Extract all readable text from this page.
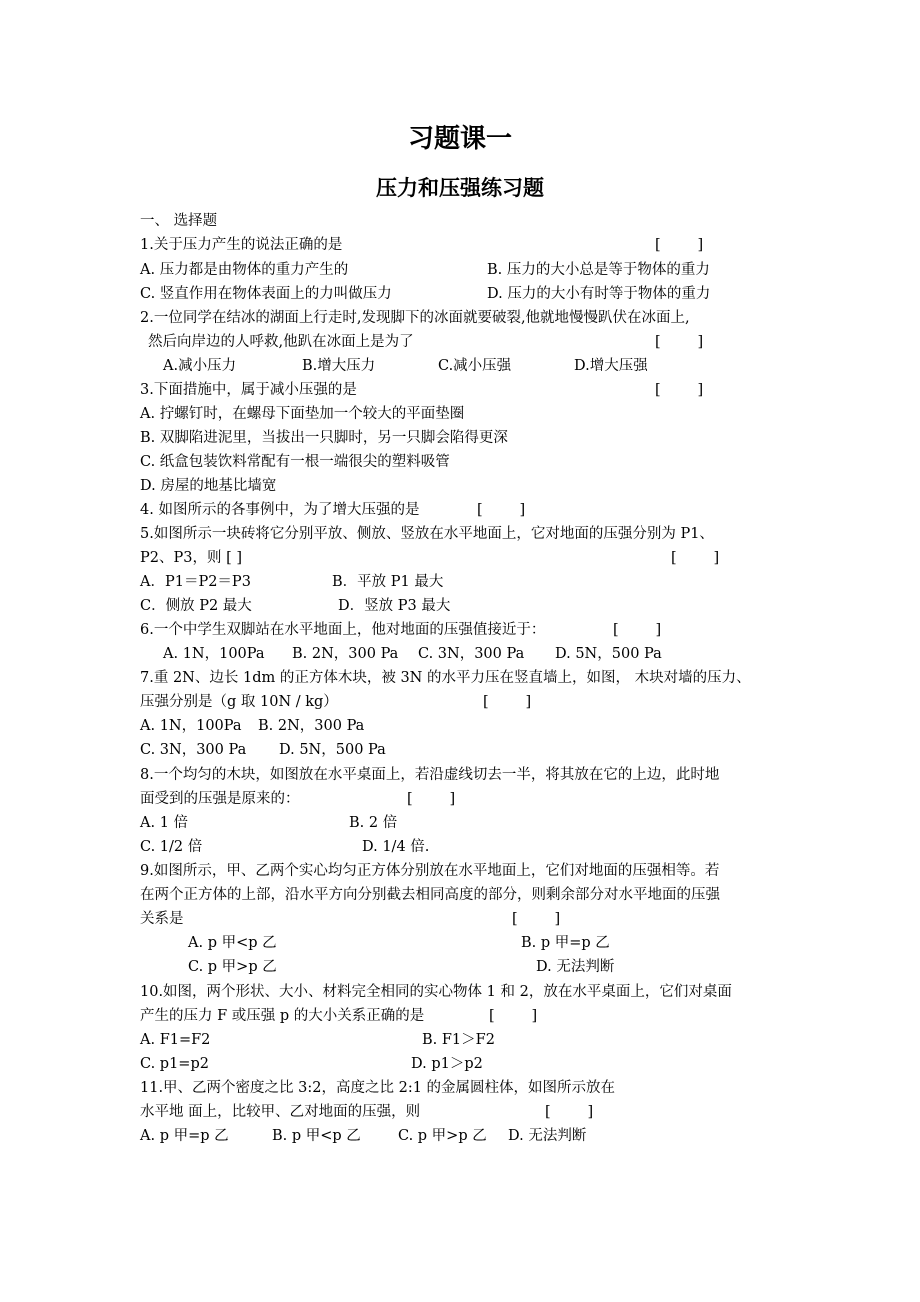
习题课一
压力和压强练习题
一、 选择题
1.关于压力产生的说法正确的是	[        ]
A. 压力都是由物体的重力产生的	B. 压力的大小总是等于物体的重力
C. 竖直作用在物体表面上的力叫做压力	D. 压力的大小有时等于物体的重力
2.一位同学在结冰的湖面上行走时,发现脚下的冰面就要破裂,他就地慢慢趴伏在冰面上,
然后向岸边的人呼救,他趴在冰面上是为了	[        ]
A.减小压力	B.增大压力	C.减小压强	D.增大压强
3.下面措施中，属于减小压强的是	[        ]
A. 拧螺钉时，在螺母下面垫加一个较大的平面垫圈
B. 双脚陷进泥里，当拔出一只脚时，另一只脚会陷得更深
C. 纸盒包装饮料常配有一根一端很尖的塑料吸管
D. 房屋的地基比墙宽
4. 如图所示的各事例中，为了增大压强的是	[        ]
5.如图所示一块砖将它分别平放、侧放、竖放在水平地面上，它对地面的压强分别为 P1、
P2、P3，则 [ ]	[        ]
A．P1＝P2＝P3	B．平放 P1 最大
C．侧放 P2 最大	D．竖放 P3 最大
6.一个中学生双脚站在水平地面上，他对地面的压强值接近于：	[        ]
A. 1N，100Pa B. 2N，300 Pa C. 3N，300 Pa D. 5N，500 Pa
7.重 2N、边长 1dm 的正方体木块，被 3N 的水平力压在竖直墙上，如图， 木块对墙的压力、
压强分别是（g 取 10N / kg）	[        ]
A. 1N，100Pa B. 2N，300 Pa
C. 3N，300 Pa D. 5N，500 Pa
8.一个均匀的木块，如图放在水平桌面上，若沿虚线切去一半，将其放在它的上边，此时地
面受到的压强是原来的：	[        ]
A. 1 倍	B. 2 倍
C. 1/2 倍	D. 1/4 倍.
9.如图所示，甲、乙两个实心均匀正方体分别放在水平地面上，它们对地面的压强相等。若
在两个正方体的上部，沿水平方向分别截去相同高度的部分，则剩余部分对水平地面的压强
关系是	[        ]
A. p 甲<p 乙	B. p 甲=p 乙
C. p 甲>p 乙	D. 无法判断
10.如图，两个形状、大小、材料完全相同的实心物体 1 和 2，放在水平桌面上，它们对桌面
产生的压力 F 或压强 p 的大小关系正确的是	[        ]
A. F1=F2	B. F1＞F2
C. p1=p2	D. p1＞p2
11.甲、乙两个密度之比 3:2，高度之比 2:1 的金属圆柱体，如图所示放在
水平地 面上，比较甲、乙对地面的压强，则	[        ]
A. p 甲=p 乙	B. p 甲<p 乙	C. p 甲>p 乙 D. 无法判断
